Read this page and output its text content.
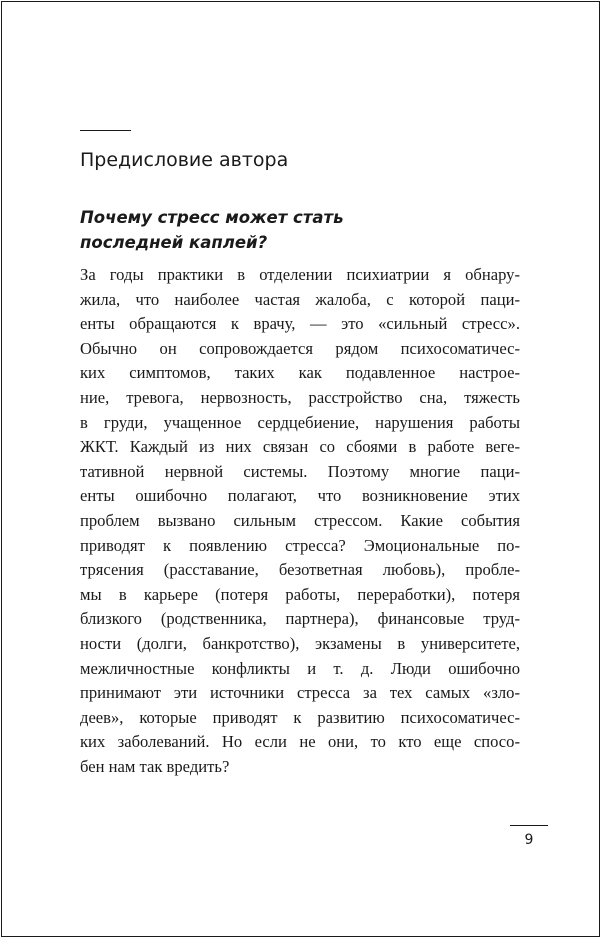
Предисловие автора
Почему стресс может стать
последней каплей?
За годы практики в отделении психиатрии я обнару-
жила, что наиболее частая жалоба, с которой паци-
енты обращаются к врачу, — это «сильный стресс».
Обычно он сопровождается рядом психосоматичес-
ких симптомов, таких как подавленное настрое-
ние, тревога, нервозность, расстройство сна, тяжесть
в груди, учащенное сердцебиение, нарушения работы
ЖКТ. Каждый из них связан со сбоями в работе веге-
тативной нервной системы. Поэтому многие паци-
енты ошибочно полагают, что возникновение этих
проблем вызвано сильным стрессом. Какие события
приводят к появлению стресса? Эмоциональные по-
трясения (расставание, безответная любовь), пробле-
мы в карьере (потеря работы, переработки), потеря
близкого (родственника, партнера), финансовые труд-
ности (долги, банкротство), экзамены в университете,
межличностные конфликты и т. д. Люди ошибочно
принимают эти источники стресса за тех самых «зло-
деев», которые приводят к развитию психосоматичес-
ких заболеваний. Но если не они, то кто еще спосо-
бен нам так вредить?
9
